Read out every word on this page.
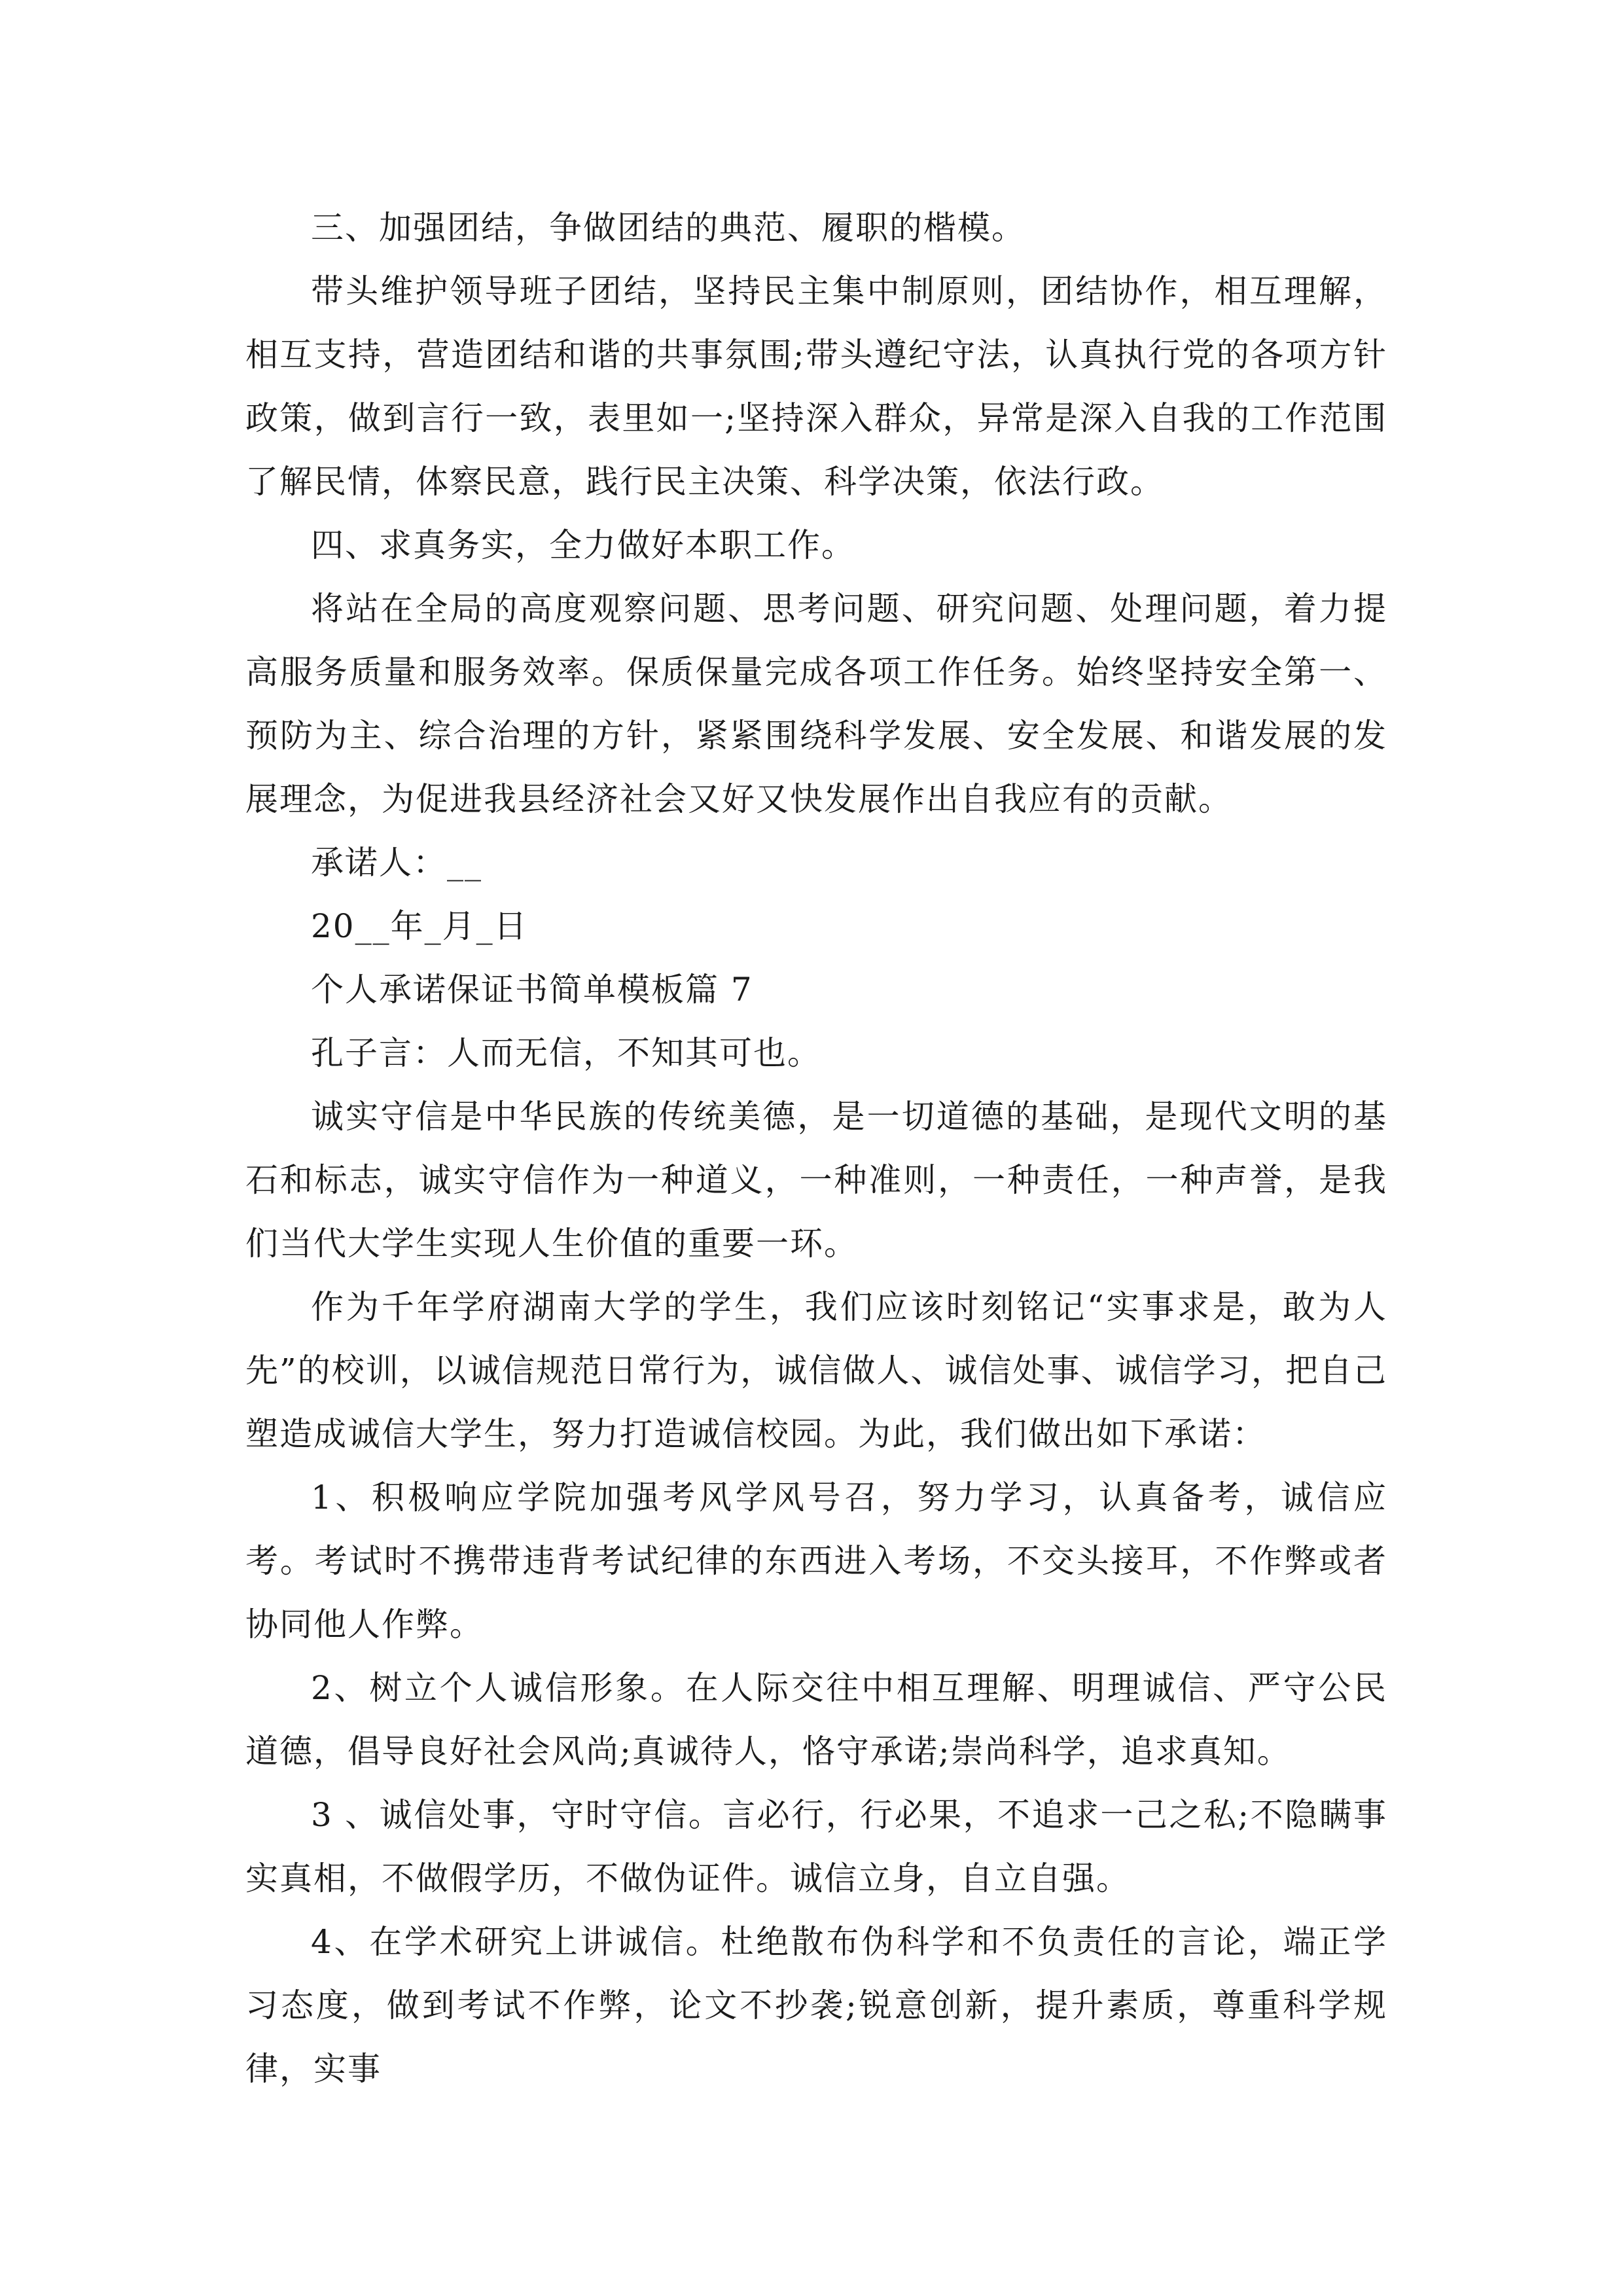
三、加强团结，争做团结的典范、履职的楷模。

带头维护领导班子团结，坚持民主集中制原则，团结协作，相互理解，相互支持，营造团结和谐的共事氛围;带头遵纪守法，认真执行党的各项方针政策，做到言行一致，表里如一;坚持深入群众，异常是深入自我的工作范围了解民情，体察民意，践行民主决策、科学决策，依法行政。

四、求真务实，全力做好本职工作。

将站在全局的高度观察问题、思考问题、研究问题、处理问题，着力提高服务质量和服务效率。保质保量完成各项工作任务。始终坚持安全第一、预防为主、综合治理的方针，紧紧围绕科学发展、安全发展、和谐发展的发展理念，为促进我县经济社会又好又快发展作出自我应有的贡献。

承诺人：__

20__年_月_日

个人承诺保证书简单模板篇 7

孔子言：人而无信，不知其可也。

诚实守信是中华民族的传统美德，是一切道德的基础，是现代文明的基石和标志，诚实守信作为一种道义，一种准则，一种责任，一种声誉，是我们当代大学生实现人生价值的重要一环。

作为千年学府湖南大学的学生，我们应该时刻铭记“实事求是，敢为人先”的校训，以诚信规范日常行为，诚信做人、诚信处事、诚信学习，把自己塑造成诚信大学生，努力打造诚信校园。为此，我们做出如下承诺：

1、积极响应学院加强考风学风号召，努力学习，认真备考，诚信应考。考试时不携带违背考试纪律的东西进入考场，不交头接耳，不作弊或者协同他人作弊。

2、树立个人诚信形象。在人际交往中相互理解、明理诚信、严守公民道德，倡导良好社会风尚;真诚待人，恪守承诺;崇尚科学，追求真知。

3 、诚信处事，守时守信。言必行，行必果，不追求一己之私;不隐瞒事实真相，不做假学历，不做伪证件。诚信立身，自立自强。

4、在学术研究上讲诚信。杜绝散布伪科学和不负责任的言论，端正学习态度，做到考试不作弊，论文不抄袭;锐意创新，提升素质，尊重科学规律，实事
